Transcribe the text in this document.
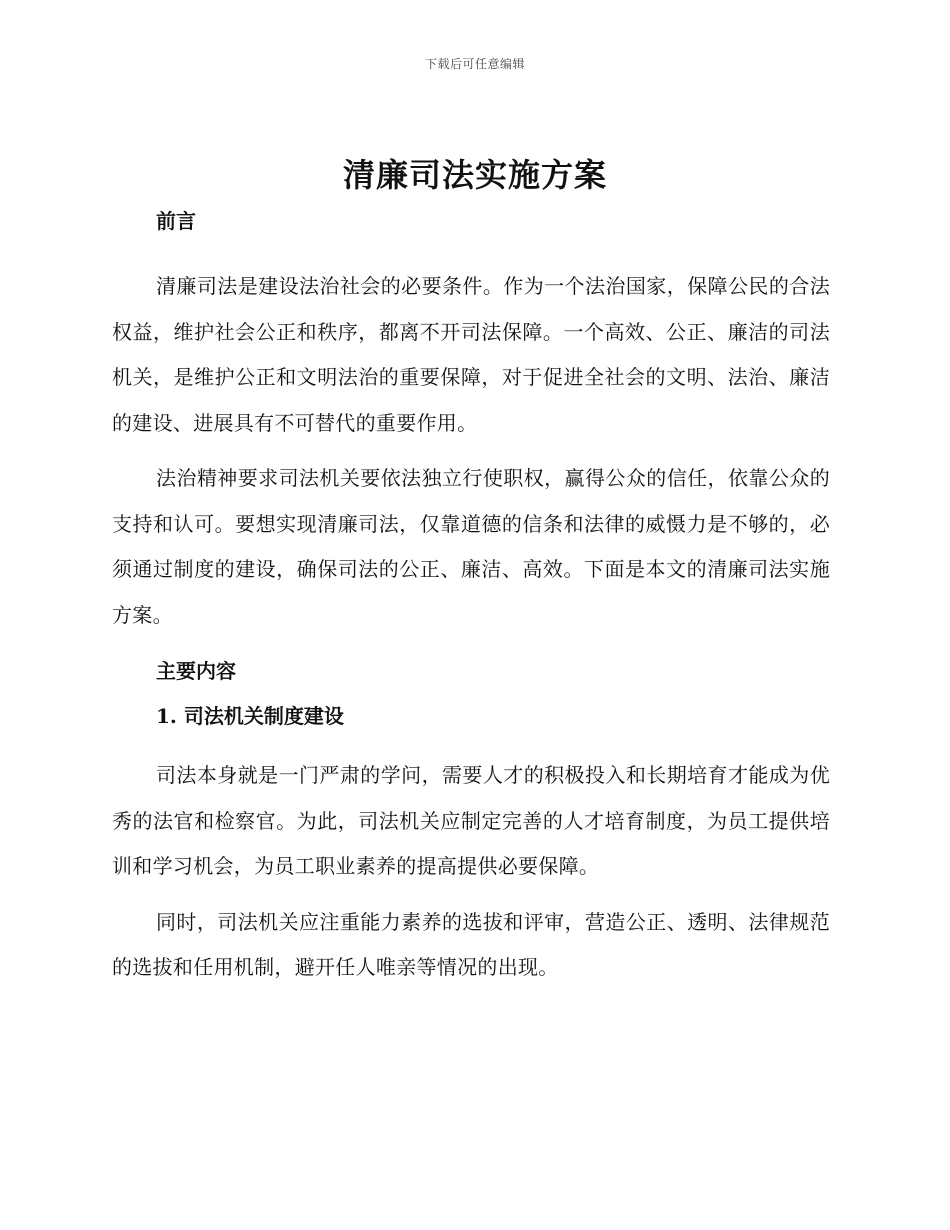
下载后可任意编辑
清廉司法实施方案
前言

清廉司法是建设法治社会的必要条件。作为一个法治国家，保障公民的合法权益，维护社会公正和秩序，都离不开司法保障。一个高效、公正、廉洁的司法机关，是维护公正和文明法治的重要保障，对于促进全社会的文明、法治、廉洁的建设、进展具有不可替代的重要作用。

法治精神要求司法机关要依法独立行使职权，赢得公众的信任，依靠公众的支持和认可。要想实现清廉司法，仅靠道德的信条和法律的威慑力是不够的，必须通过制度的建设，确保司法的公正、廉洁、高效。下面是本文的清廉司法实施方案。

主要内容
1. 司法机关制度建设

司法本身就是一门严肃的学问，需要人才的积极投入和长期培育才能成为优秀的法官和检察官。为此，司法机关应制定完善的人才培育制度，为员工提供培训和学习机会，为员工职业素养的提高提供必要保障。

同时，司法机关应注重能力素养的选拔和评审，营造公正、透明、法律规范的选拔和任用机制，避开任人唯亲等情况的出现。
